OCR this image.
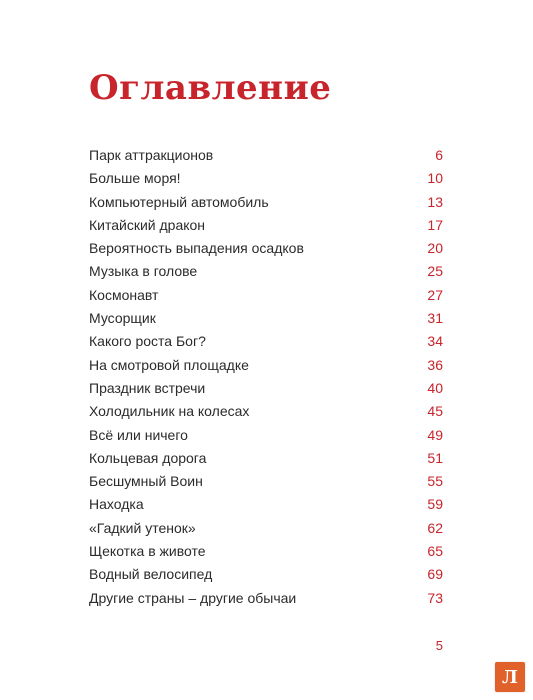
Оглавление
Парк аттракционов	6
Больше моря!	10
Компьютерный автомобиль	13
Китайский дракон	17
Вероятность выпадения осадков	20
Музыка в голове	25
Космонавт	27
Мусорщик	31
Какого роста Бог?	34
На смотровой площадке	36
Праздник встречи	40
Холодильник на колесах	45
Всё или ничего	49
Кольцевая дорога	51
Бесшумный Воин	55
Находка	59
«Гадкий утенок»	62
Щекотка в животе	65
Водный велосипед	69
Другие страны – другие обычаи	73
5
Л
